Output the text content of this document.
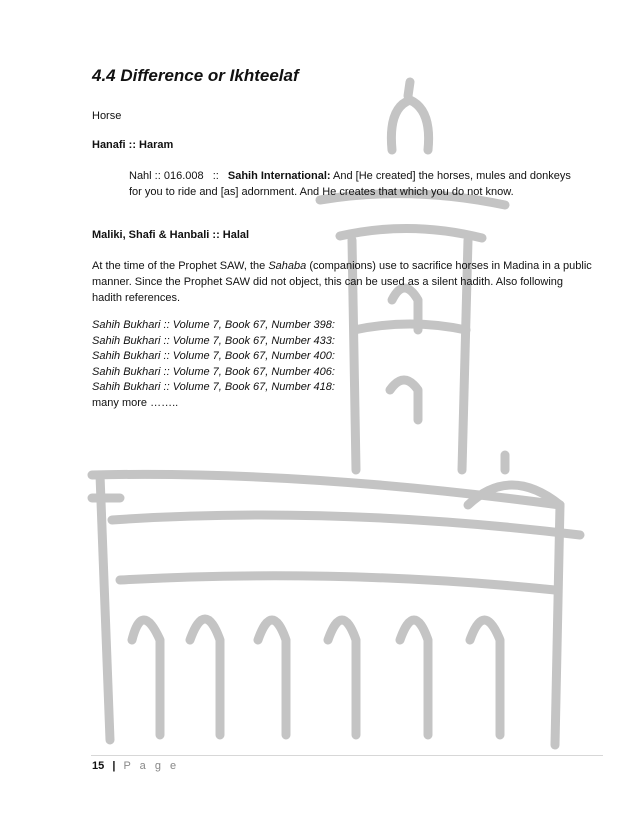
4.4 Difference or Ikhteelaf
Horse
Hanafi :: Haram
Nahl :: 016.008 :: Sahih International: And [He created] the horses, mules and donkeys
for you to ride and [as] adornment. And He creates that which you do not know.
Maliki, Shafi & Hanbali :: Halal
At the time of the Prophet SAW, the Sahaba (companions) use to sacrifice horses in Madina in a public
manner. Since the Prophet SAW did not object, this can be used as a silent hadith. Also following
hadith references.
Sahih Bukhari :: Volume 7, Book 67, Number 398:
Sahih Bukhari :: Volume 7, Book 67, Number 433:
Sahih Bukhari :: Volume 7, Book 67, Number 400:
Sahih Bukhari :: Volume 7, Book 67, Number 406:
Sahih Bukhari :: Volume 7, Book 67, Number 418:
many more ……..
15 | P a g e
